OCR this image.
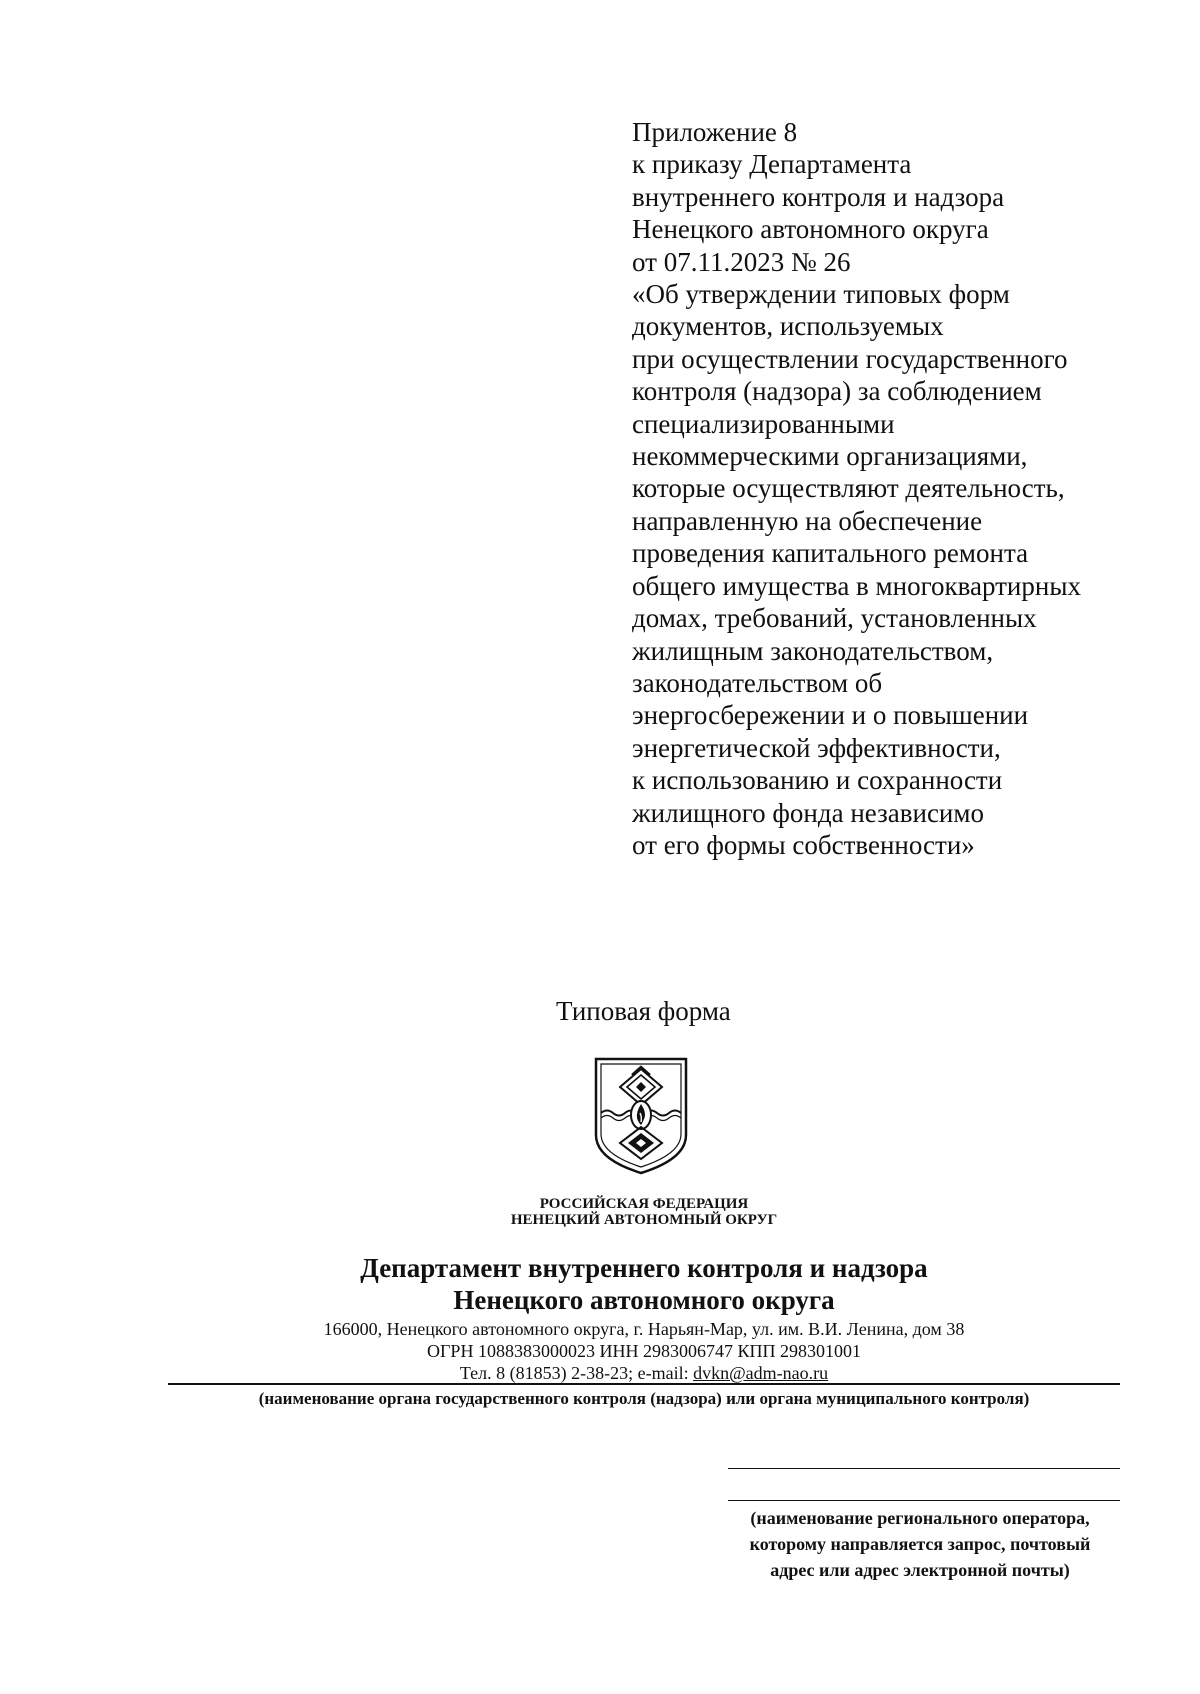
Приложение 8
к приказу Департамента
внутреннего контроля и надзора
Ненецкого автономного округа
от 07.11.2023 № 26
«Об утверждении типовых форм
документов, используемых
при осуществлении государственного
контроля (надзора) за соблюдением
специализированными
некоммерческими организациями,
которые осуществляют деятельность,
направленную на обеспечение
проведения капитального ремонта
общего имущества в многоквартирных
домах, требований, установленных
жилищным законодательством,
законодательством об
энергосбережении и о повышении
энергетической эффективности,
к использованию и сохранности
жилищного фонда независимо
от его формы собственности»
Типовая форма
РОССИЙСКАЯ ФЕДЕРАЦИЯ
НЕНЕЦКИЙ АВТОНОМНЫЙ ОКРУГ
Департамент внутреннего контроля и надзора
Ненецкого автономного округа
166000, Ненецкого автономного округа, г. Нарьян-Мар, ул. им. В.И. Ленина, дом 38
ОГРН 1088383000023 ИНН 2983006747 КПП 298301001
Тел. 8 (81853) 2-38-23; e-mail: dvkn@adm-nao.ru
(наименование органа государственного контроля (надзора) или органа муниципального контроля)
(наименование регионального оператора,
которому направляется запрос, почтовый
адрес или адрес электронной почты)
